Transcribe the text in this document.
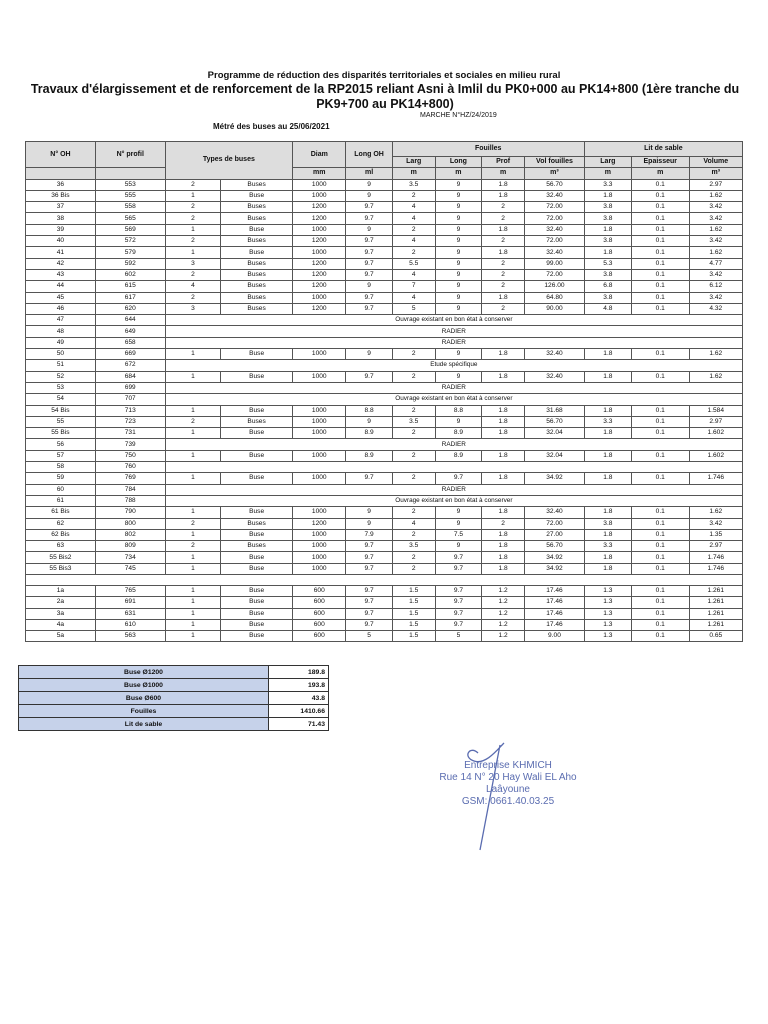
Programme de réduction des disparités territoriales et sociales en milieu rural
Travaux d'élargissement et de renforcement de la RP2015 reliant Asni à Imlil du PK0+000 au PK14+800 (1ère tranche du PK9+700 au PK14+800)
MARCHE N°HZ/24/2019
Métré des buses au 25/06/2021
N° OH	N° profil	Types de buses		Diam	Long OH	Fouilles				Lit de sable		
						Larg	Long	Prof	Vol fouilles	Larg	Epaisseur	Volume
				mm	ml	m	m	m	m³	m	m	m³
36	553	2	Buses	1000	9	3.5	9	1.8	56.70	3.3	0.1	2.97
36 Bis	555	1	Buse	1000	9	2	9	1.8	32.40	1.8	0.1	1.62
37	558	2	Buses	1200	9.7	4	9	2	72.00	3.8	0.1	3.42
38	565	2	Buses	1200	9.7	4	9	2	72.00	3.8	0.1	3.42
39	569	1	Buse	1000	9	2	9	1.8	32.40	1.8	0.1	1.62
40	572	2	Buses	1200	9.7	4	9	2	72.00	3.8	0.1	3.42
41	579	1	Buse	1000	9.7	2	9	1.8	32.40	1.8	0.1	1.62
42	592	3	Buses	1200	9.7	5.5	9	2	99.00	5.3	0.1	4.77
43	602	2	Buses	1200	9.7	4	9	2	72.00	3.8	0.1	3.42
44	615	4	Buses	1200	9	7	9	2	126.00	6.8	0.1	6.12
45	617	2	Buses	1000	9.7	4	9	1.8	64.80	3.8	0.1	3.42
46	620	3	Buses	1200	9.7	5	9	2	90.00	4.8	0.1	4.32
47	644	Ouvrage existant en bon état à conserver										
48	649	RADIER										
49	658	RADIER										
50	669	1	Buse	1000	9	2	9	1.8	32.40	1.8	0.1	1.62
51	672	Etude spécifique										
52	684	1	Buse	1000	9.7	2	9	1.8	32.40	1.8	0.1	1.62
53	699	RADIER										
54	707	Ouvrage existant en bon état à conserver										
54 Bis	713	1	Buse	1000	8.8	2	8.8	1.8	31.68	1.8	0.1	1.584
55	723	2	Buses	1000	9	3.5	9	1.8	56.70	3.3	0.1	2.97
55 Bis	731	1	Buse	1000	8.9	2	8.9	1.8	32.04	1.8	0.1	1.602
56	739	RADIER										
57	750	1	Buse	1000	8.9	2	8.9	1.8	32.04	1.8	0.1	1.602
58	760											
59	769	1	Buse	1000	9.7	2	9.7	1.8	34.92	1.8	0.1	1.746
60	784	RADIER										
61	788	Ouvrage existant en bon état à conserver										
61 Bis	790	1	Buse	1000	9	2	9	1.8	32.40	1.8	0.1	1.62
62	800	2	Buses	1200	9	4	9	2	72.00	3.8	0.1	3.42
62 Bis	802	1	Buse	1000	7.9	2	7.5	1.8	27.00	1.8	0.1	1.35
63	809	2	Buses	1000	9.7	3.5	9	1.8	56.70	3.3	0.1	2.97
55 Bis2	734	1	Buse	1000	9.7	2	9.7	1.8	34.92	1.8	0.1	1.746
55 Bis3	745	1	Buse	1000	9.7	2	9.7	1.8	34.92	1.8	0.1	1.746

1a	765	1	Buse	600	9.7	1.5	9.7	1.2	17.46	1.3	0.1	1.261
2a	691	1	Buse	600	9.7	1.5	9.7	1.2	17.46	1.3	0.1	1.261
3a	631	1	Buse	600	9.7	1.5	9.7	1.2	17.46	1.3	0.1	1.261
4a	610	1	Buse	600	9.7	1.5	9.7	1.2	17.46	1.3	0.1	1.261
5a	563	1	Buse	600	5	1.5	5	1.2	9.00	1.3	0.1	0.65
Buse Ø1200	189.8
Buse Ø1000	193.8
Buse Ø600	43.8
Fouilles	1410.66
Lit de sable	71.43
Entreprise KHMICH
Rue 14 N° 20 Hay Wali EL Aho
Laâyoune
GSM: 0661.40.03.25
